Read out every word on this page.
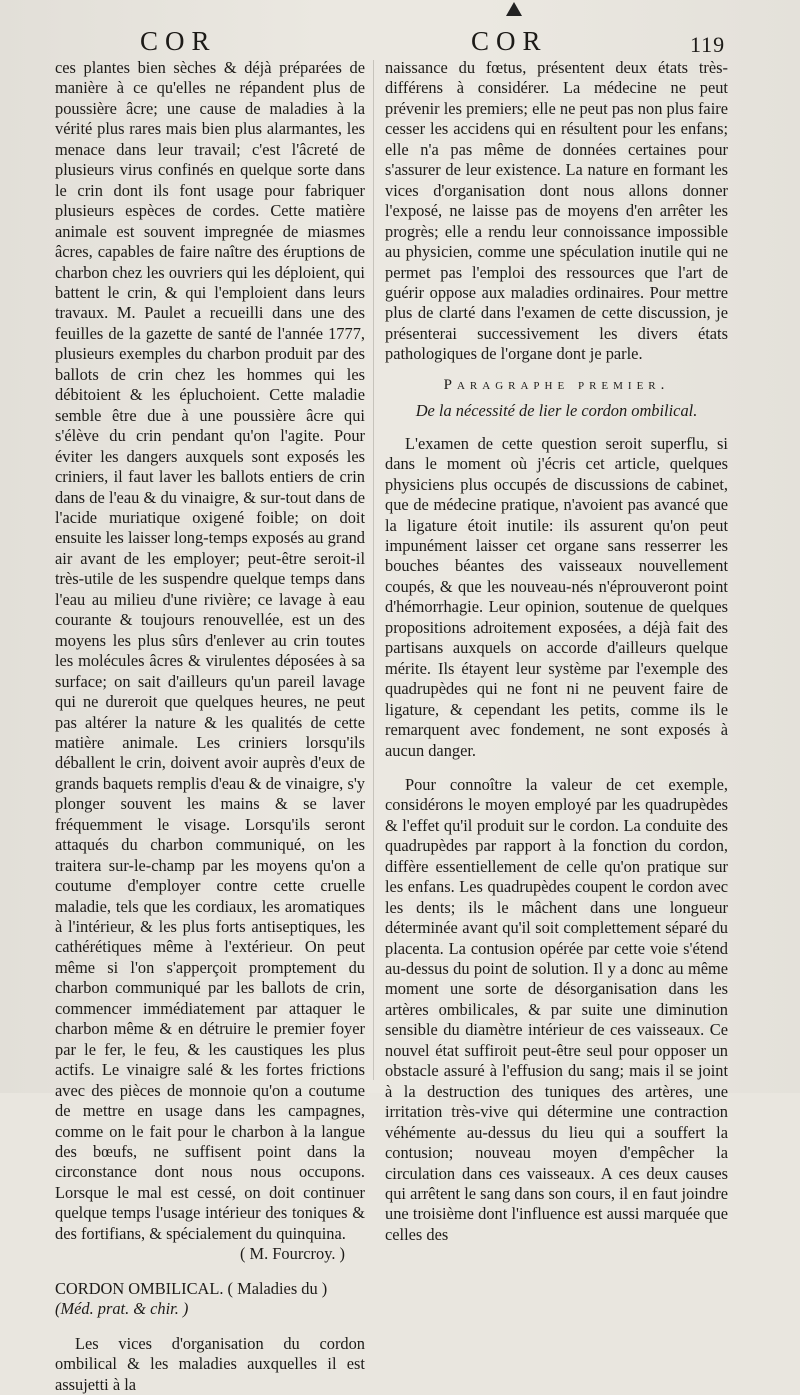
COR	COR	119

ces plantes bien sèches & déjà préparées de manière à ce qu'elles ne répandent plus de poussière âcre; une cause de maladies à la vérité plus rares mais bien plus alarmantes, les menace dans leur travail; c'est l'âcreté de plusieurs virus confinés en quelque sorte dans le crin dont ils font usage pour fabriquer plusieurs espèces de cordes. Cette matière animale est souvent impregnée de miasmes âcres, capables de faire naître des éruptions de charbon chez les ouvriers qui les déploient, qui battent le crin, & qui l'emploient dans leurs travaux. M. Paulet a recueilli dans une des feuilles de la gazette de santé de l'année 1777, plusieurs exemples du charbon produit par des ballots de crin chez les hommes qui les débitoient & les épluchoient. Cette maladie semble être due à une poussière âcre qui s'élève du crin pendant qu'on l'agite. Pour éviter les dangers auxquels sont exposés les criniers, il faut laver les ballots entiers de crin dans de l'eau & du vinaigre, & sur-tout dans de l'acide muriatique oxigené foible; on doit ensuite les laisser long-temps exposés au grand air avant de les employer; peut-être seroit-il très-utile de les suspendre quelque temps dans l'eau au milieu d'une rivière; ce lavage à eau courante & toujours renouvellée, est un des moyens les plus sûrs d'enlever au crin toutes les molécules âcres & virulentes déposées à sa surface; on sait d'ailleurs qu'un pareil lavage qui ne dureroit que quelques heures, ne peut pas altérer la nature & les qualités de cette matière animale. Les criniers lorsqu'ils déballent le crin, doivent avoir auprès d'eux de grands baquets remplis d'eau & de vinaigre, s'y plonger souvent les mains & se laver fréquemment le visage. Lorsqu'ils seront attaqués du charbon communiqué, on les traitera sur-le-champ par les moyens qu'on a coutume d'employer contre cette cruelle maladie, tels que les cordiaux, les aromatiques à l'intérieur, & les plus forts antiseptiques, les cathérétiques même à l'extérieur. On peut même si l'on s'apperçoit promptement du charbon communiqué par les ballots de crin, commencer immédiatement par attaquer le charbon même & en détruire le premier foyer par le fer, le feu, & les caustiques les plus actifs. Le vinaigre salé & les fortes frictions avec des pièces de monnoie qu'on a coutume de mettre en usage dans les campagnes, comme on le fait pour le charbon à la langue des bœufs, ne suffisent point dans la circonstance dont nous nous occupons. Lorsque le mal est cessé, on doit continuer quelque temps l'usage intérieur des toniques & des fortifians, & spécialement du quinquina.

( M. Fourcroy. )

CORDON OMBILICAL. ( Maladies du )

(Méd. prat. & chir. )

Les vices d'organisation du cordon ombilical & les maladies auxquelles il est assujetti à la

naissance du fœtus, présentent deux états très-différens à considérer. La médecine ne peut prévenir les premiers; elle ne peut pas non plus faire cesser les accidens qui en résultent pour les enfans; elle n'a pas même de données certaines pour s'assurer de leur existence. La nature en formant les vices d'organisation dont nous allons donner l'exposé, ne laisse pas de moyens d'en arrêter les progrès; elle a rendu leur connoissance impossible au physicien, comme une spéculation inutile qui ne permet pas l'emploi des ressources que l'art de guérir oppose aux maladies ordinaires. Pour mettre plus de clarté dans l'examen de cette discussion, je présenterai successivement les divers états pathologiques de l'organe dont je parle.

Paragraphe premier.

De la nécessité de lier le cordon ombilical.

L'examen de cette question seroit superflu, si dans le moment où j'écris cet article, quelques physiciens plus occupés de discussions de cabinet, que de médecine pratique, n'avoient pas avancé que la ligature étoit inutile: ils assurent qu'on peut impunément laisser cet organe sans resserrer les bouches béantes des vaisseaux nouvellement coupés, & que les nouveau-nés n'éprouveront point d'hémorrhagie. Leur opinion, soutenue de quelques propositions adroitement exposées, a déjà fait des partisans auxquels on accorde d'ailleurs quelque mérite. Ils étayent leur système par l'exemple des quadrupèdes qui ne font ni ne peuvent faire de ligature, & cependant les petits, comme ils le remarquent avec fondement, ne sont exposés à aucun danger.

Pour connoître la valeur de cet exemple, considérons le moyen employé par les quadrupèdes & l'effet qu'il produit sur le cordon. La conduite des quadrupèdes par rapport à la fonction du cordon, diffère essentiellement de celle qu'on pratique sur les enfans. Les quadrupèdes coupent le cordon avec les dents; ils le mâchent dans une longueur déterminée avant qu'il soit complettement séparé du placenta. La contusion opérée par cette voie s'étend au-dessus du point de solution. Il y a donc au même moment une sorte de désorganisation dans les artères ombilicales, & par suite une diminution sensible du diamètre intérieur de ces vaisseaux. Ce nouvel état suffiroit peut-être seul pour opposer un obstacle assuré à l'effusion du sang; mais il se joint à la destruction des tuniques des artères, une irritation très-vive qui détermine une contraction véhémente au-dessus du lieu qui a souffert la contusion; nouveau moyen d'empêcher la circulation dans ces vaisseaux. A ces deux causes qui arrêtent le sang dans son cours, il en faut joindre une troisième dont l'influence est aussi marquée que celles des
